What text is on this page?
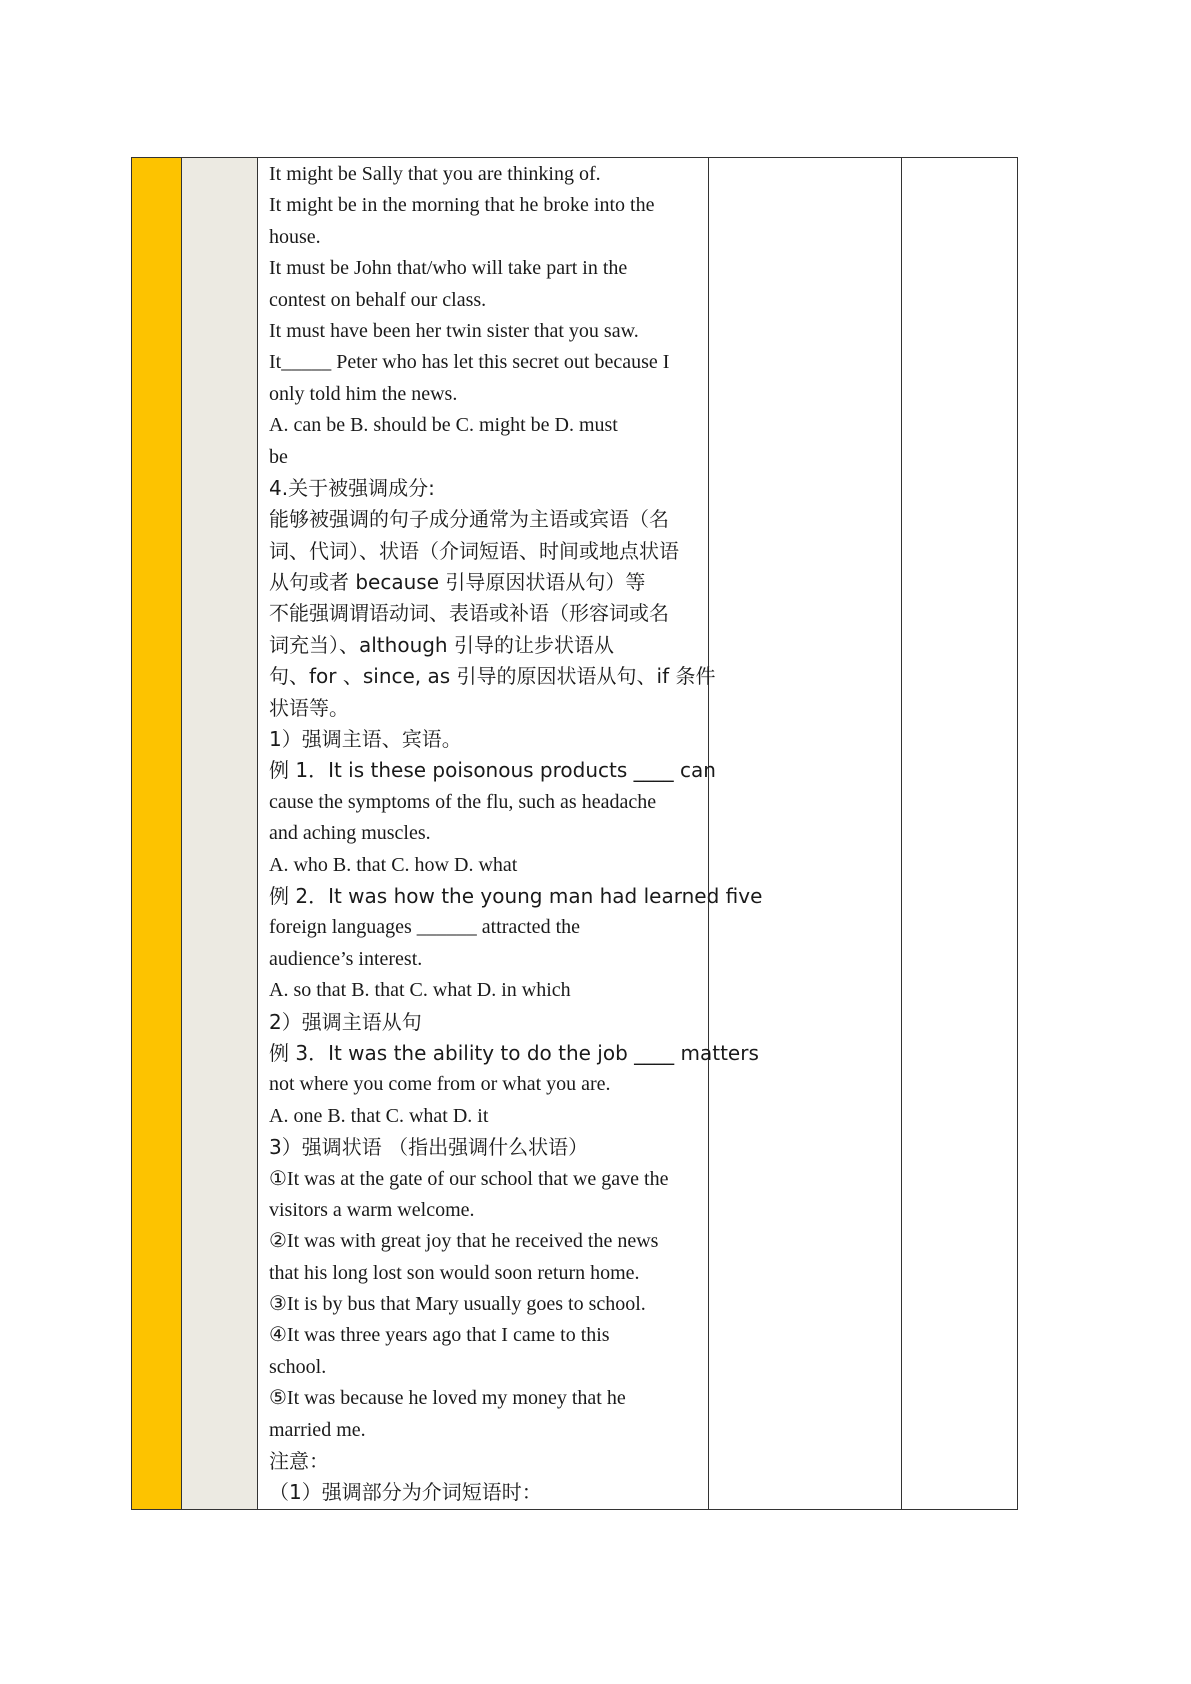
It might be Sally that you are thinking of.
It might be in the morning that he broke into the
house.
It must be John that/who will take part in the
contest on behalf our class.
It must have been her twin sister that you saw.
It_____ Peter who has let this secret out because I
only told him the news.
A. can be B. should be C. might be D. must
be
4.关于被强调成分:
能够被强调的句子成分通常为主语或宾语（名
词、代词）、状语（介词短语、时间或地点状语
从句或者 because 引导原因状语从句）等
不能强调谓语动词、表语或补语（形容词或名
词充当）、although 引导的让步状语从
句、for 、since, as 引导的原因状语从句、if 条件
状语等。
1）强调主语、宾语。
例 1．It is these poisonous products ____ can
cause the symptoms of the flu, such as headache
and aching muscles.
A. who B. that C. how D. what
例 2．It was how the young man had learned five
foreign languages ______ attracted the
audience’s interest.
A. so that B. that C. what D. in which
2）强调主语从句
例 3．It was the ability to do the job ____ matters
not where you come from or what you are.
A. one B. that C. what D. it
3）强调状语 （指出强调什么状语）
①It was at the gate of our school that we gave the
visitors a warm welcome.
②It was with great joy that he received the news
that his long lost son would soon return home.
③It is by bus that Mary usually goes to school.
④It was three years ago that I came to this
school.
⑤It was because he loved my money that he
married me.
注意：
（1）强调部分为介词短语时：
